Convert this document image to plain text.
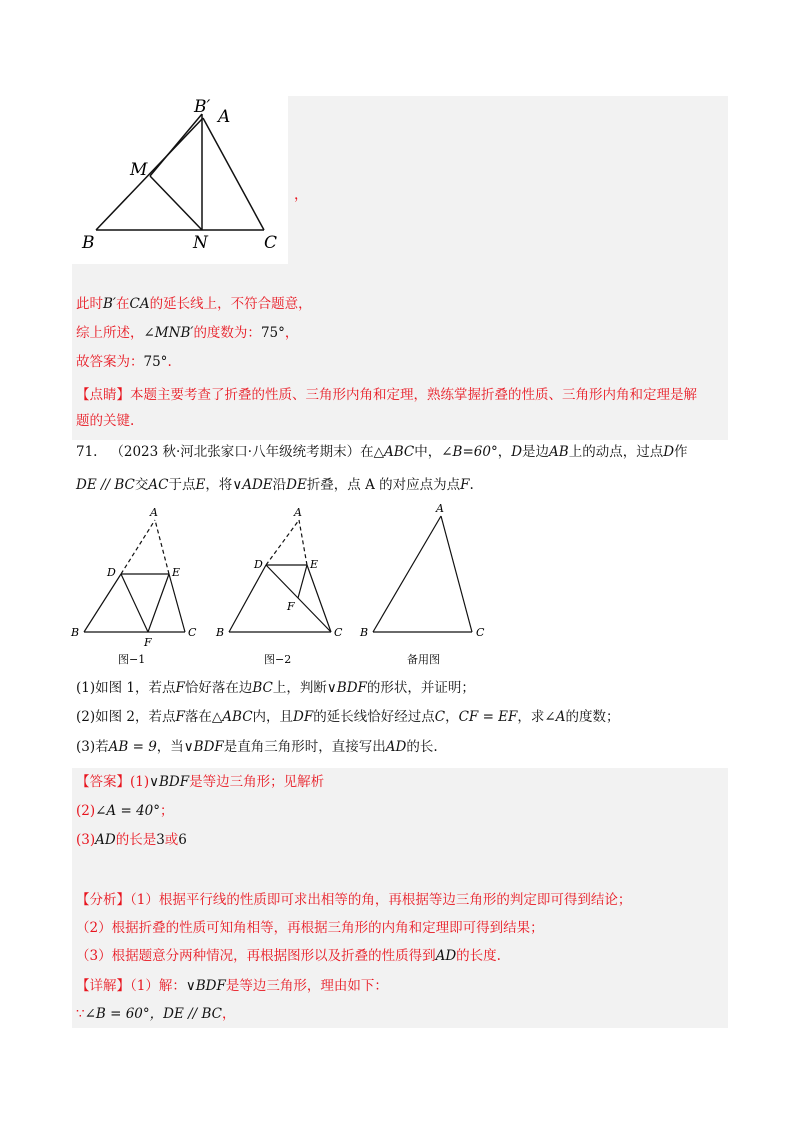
B′ A
M
B	N	C
，
此时B′在CA的延长线上，不符合题意，
综上所述，∠MNB′的度数为：75°，
故答案为：75°.
【点睛】本题主要考查了折叠的性质、三角形内角和定理，熟练掌握折叠的性质、三角形内角和定理是解
题的关键.
71. （2023 秋·河北张家口·八年级统考期末）在△ABC中，∠B=60°，D是边AB上的动点，过点D作
DE // BC交AC于点E，将∨ADE沿DE折叠，点 A 的对应点为点F.
A
D	E
B
F
C
图−1
A
D	E
F
B	C
图−2
A
B	C
备用图
(1)如图 1，若点F恰好落在边BC上，判断∨BDF的形状，并证明；
(2)如图 2，若点F落在△ABC内，且DF的延长线恰好经过点C，CF = EF，求∠A的度数；
(3)若AB = 9，当∨BDF是直角三角形时，直接写出AD的长.
【答案】(1)∨BDF是等边三角形；见解析
(2)∠A = 40°；
(3)AD的长是3或6
【分析】（1）根据平行线的性质即可求出相等的角，再根据等边三角形的判定即可得到结论；
（2）根据折叠的性质可知角相等，再根据三角形的内角和定理即可得到结果；
（3）根据题意分两种情况，再根据图形以及折叠的性质得到AD的长度.
【详解】（1）解：∨BDF是等边三角形，理由如下：
∵∠B = 60°，DE // BC，
